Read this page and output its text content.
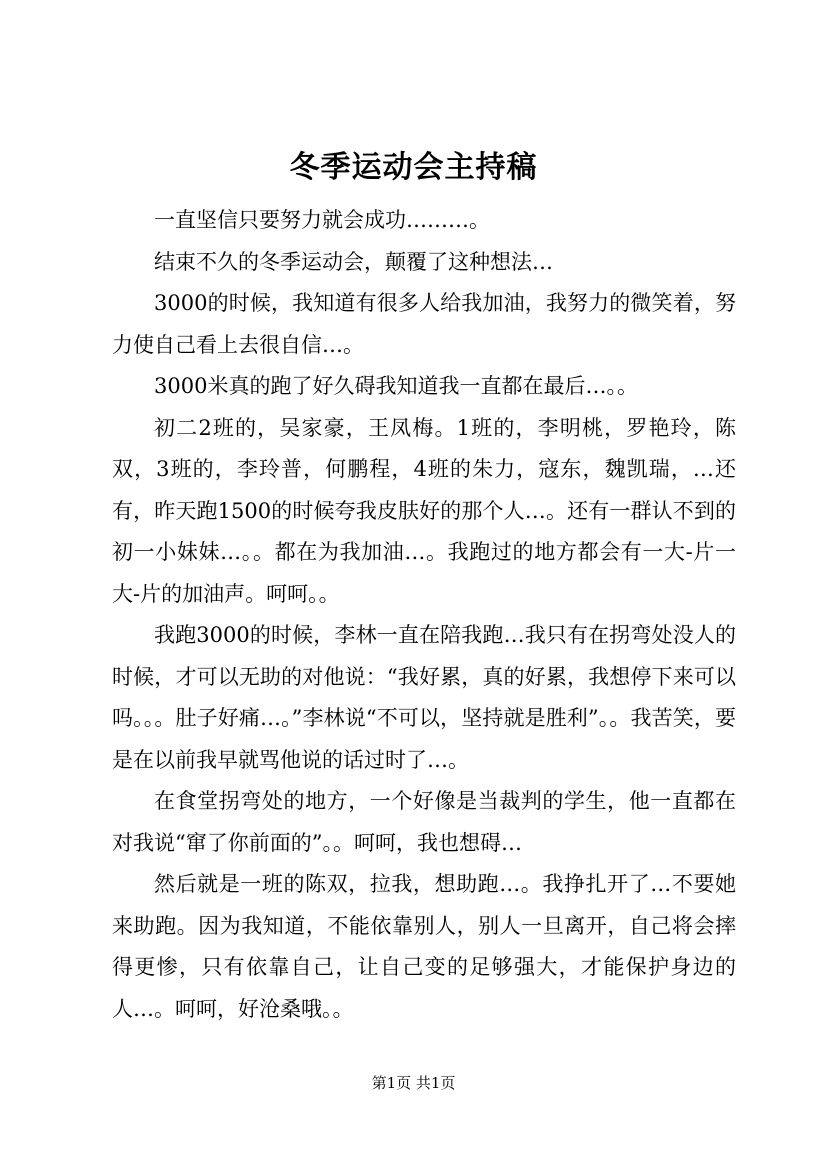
冬季运动会主持稿

一直坚信只要努力就会成功………。

结束不久的冬季运动会，颠覆了这种想法…

3000的时候，我知道有很多人给我加油，我努力的微笑着，努力使自己看上去很自信…。

3000米真的跑了好久碍我知道我一直都在最后…。。

初二2班的，吴家豪，王凤梅。1班的，李明桃，罗艳玲，陈双，3班的，李玲普，何鹏程，4班的朱力，寇东，魏凯瑞，…还有，昨天跑1500的时候夸我皮肤好的那个人…。还有一群认不到的初一小妹妹…。。都在为我加油…。我跑过的地方都会有一大-片一大-片的加油声。呵呵。。

我跑3000的时候，李林一直在陪我跑…我只有在拐弯处没人的时候，才可以无助的对他说：“我好累，真的好累，我想停下来可以吗。。。肚子好痛…。”李林说“不可以，坚持就是胜利”。。我苦笑，要是在以前我早就骂他说的话过时了…。

在食堂拐弯处的地方，一个好像是当裁判的学生，他一直都在对我说“窜了你前面的”。。呵呵，我也想碍…

然后就是一班的陈双，拉我，想助跑…。我挣扎开了…不要她来助跑。因为我知道，不能依靠别人，别人一旦离开，自己将会摔得更惨，只有依靠自己，让自己变的足够强大，才能保护身边的人…。呵呵，好沧桑哦。。

第1页 共1页
